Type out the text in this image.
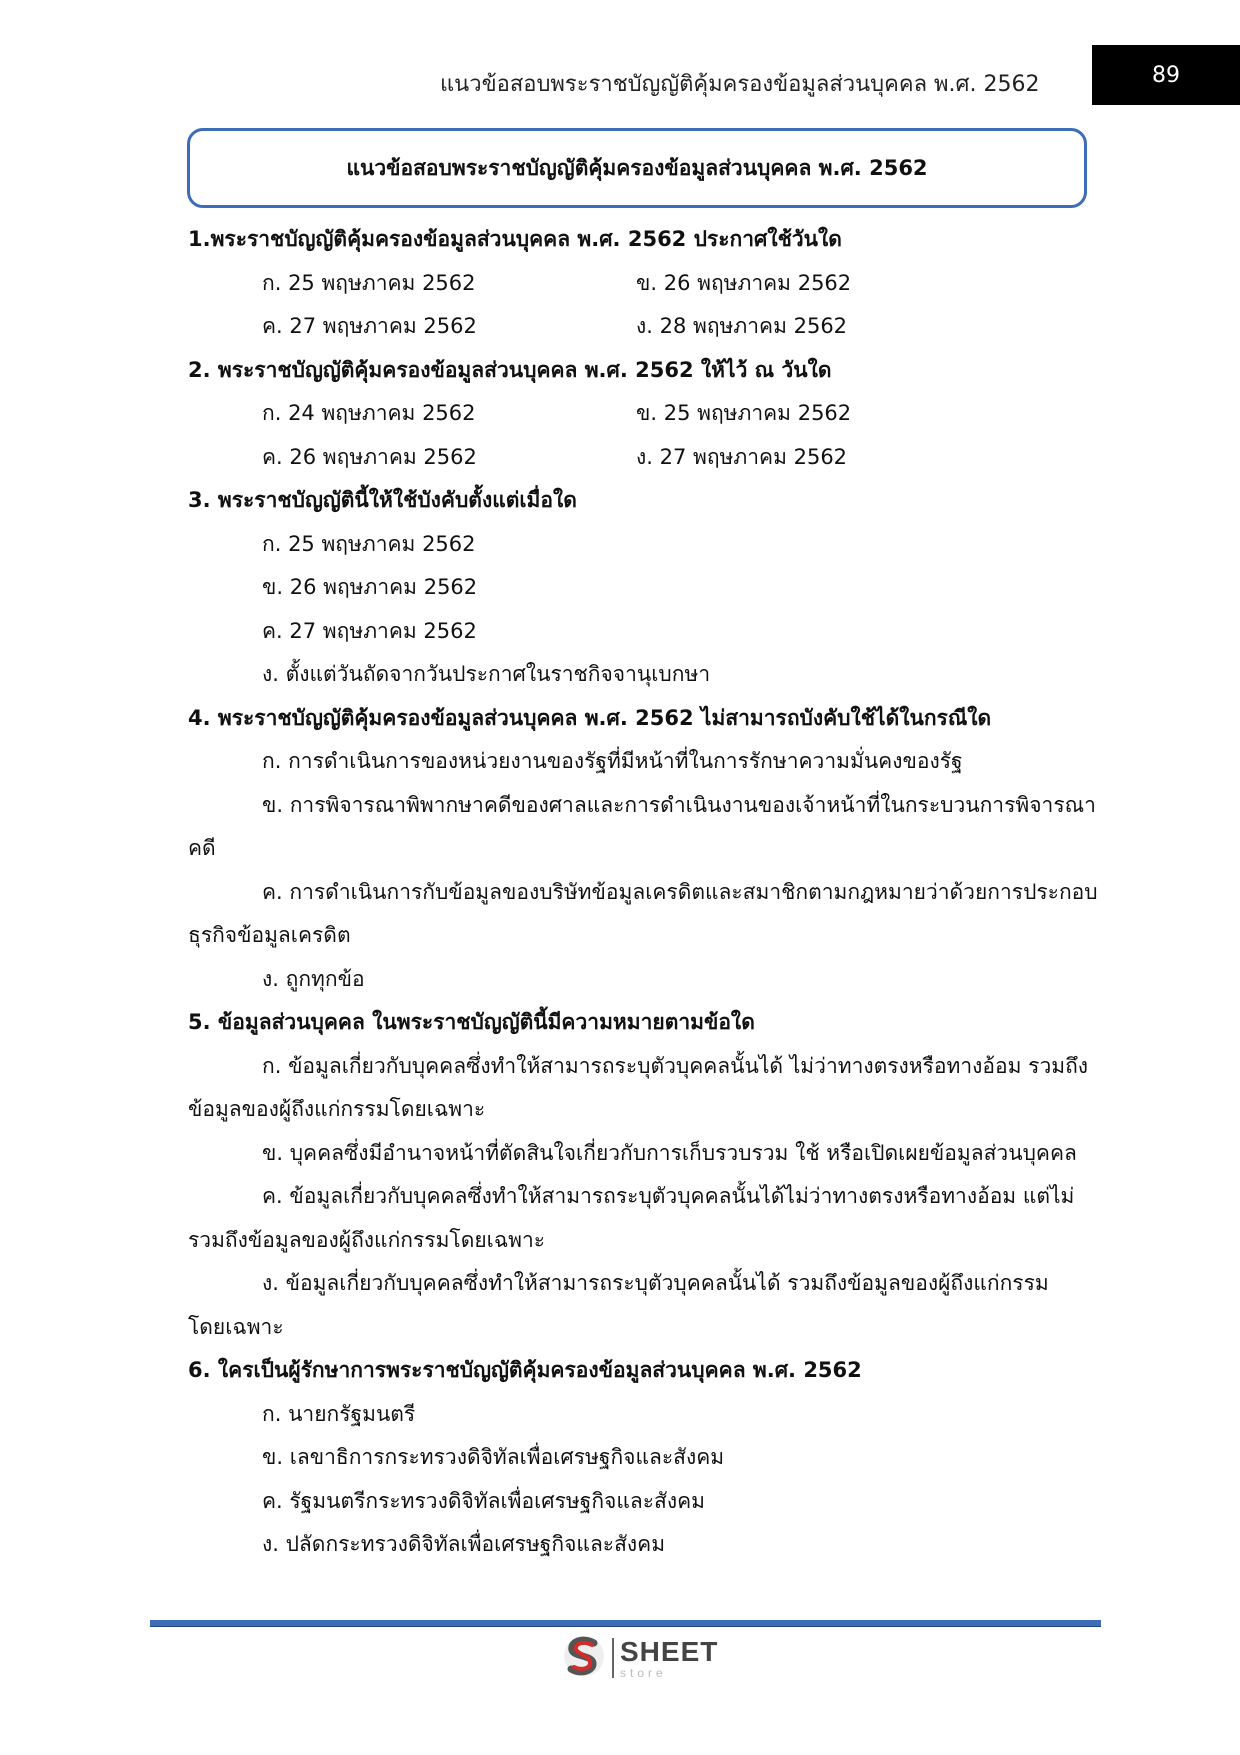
แนวข้อสอบพระราชบัญญัติคุ้มครองข้อมูลส่วนบุคคล พ.ศ. 2562	89
แนวข้อสอบพระราชบัญญัติคุ้มครองข้อมูลส่วนบุคคล พ.ศ. 2562
1.พระราชบัญญัติคุ้มครองข้อมูลส่วนบุคคล พ.ศ. 2562 ประกาศใช้วันใด
ก. 25 พฤษภาคม 2562	ข. 26 พฤษภาคม 2562
ค. 27 พฤษภาคม 2562	ง. 28 พฤษภาคม 2562
2. พระราชบัญญัติคุ้มครองข้อมูลส่วนบุคคล พ.ศ. 2562 ให้ไว้ ณ วันใด
ก. 24 พฤษภาคม 2562	ข. 25 พฤษภาคม 2562
ค. 26 พฤษภาคม 2562	ง. 27 พฤษภาคม 2562
3. พระราชบัญญัตินี้ให้ใช้บังคับตั้งแต่เมื่อใด
ก. 25 พฤษภาคม 2562
ข. 26 พฤษภาคม 2562
ค. 27 พฤษภาคม 2562
ง. ตั้งแต่วันถัดจากวันประกาศในราชกิจจานุเบกษา
4. พระราชบัญญัติคุ้มครองข้อมูลส่วนบุคคล พ.ศ. 2562 ไม่สามารถบังคับใช้ได้ในกรณีใด
ก. การดำเนินการของหน่วยงานของรัฐที่มีหน้าที่ในการรักษาความมั่นคงของรัฐ
ข. การพิจารณาพิพากษาคดีของศาลและการดำเนินงานของเจ้าหน้าที่ในกระบวนการพิจารณา
คดี
ค. การดำเนินการกับข้อมูลของบริษัทข้อมูลเครดิตและสมาชิกตามกฎหมายว่าด้วยการประกอบ
ธุรกิจข้อมูลเครดิต
ง. ถูกทุกข้อ
5. ข้อมูลส่วนบุคคล ในพระราชบัญญัตินี้มีความหมายตามข้อใด
ก. ข้อมูลเกี่ยวกับบุคคลซึ่งทำให้สามารถระบุตัวบุคคลนั้นได้ ไม่ว่าทางตรงหรือทางอ้อม รวมถึง
ข้อมูลของผู้ถึงแก่กรรมโดยเฉพาะ
ข. บุคคลซึ่งมีอำนาจหน้าที่ตัดสินใจเกี่ยวกับการเก็บรวบรวม ใช้ หรือเปิดเผยข้อมูลส่วนบุคคล
ค. ข้อมูลเกี่ยวกับบุคคลซึ่งทำให้สามารถระบุตัวบุคคลนั้นได้ไม่ว่าทางตรงหรือทางอ้อม แต่ไม่
รวมถึงข้อมูลของผู้ถึงแก่กรรมโดยเฉพาะ
ง. ข้อมูลเกี่ยวกับบุคคลซึ่งทำให้สามารถระบุตัวบุคคลนั้นได้ รวมถึงข้อมูลของผู้ถึงแก่กรรม
โดยเฉพาะ
6. ใครเป็นผู้รักษาการพระราชบัญญัติคุ้มครองข้อมูลส่วนบุคคล พ.ศ. 2562
ก. นายกรัฐมนตรี
ข. เลขาธิการกระทรวงดิจิทัลเพื่อเศรษฐกิจและสังคม
ค. รัฐมนตรีกระทรวงดิจิทัลเพื่อเศรษฐกิจและสังคม
ง. ปลัดกระทรวงดิจิทัลเพื่อเศรษฐกิจและสังคม
SHEET
store
